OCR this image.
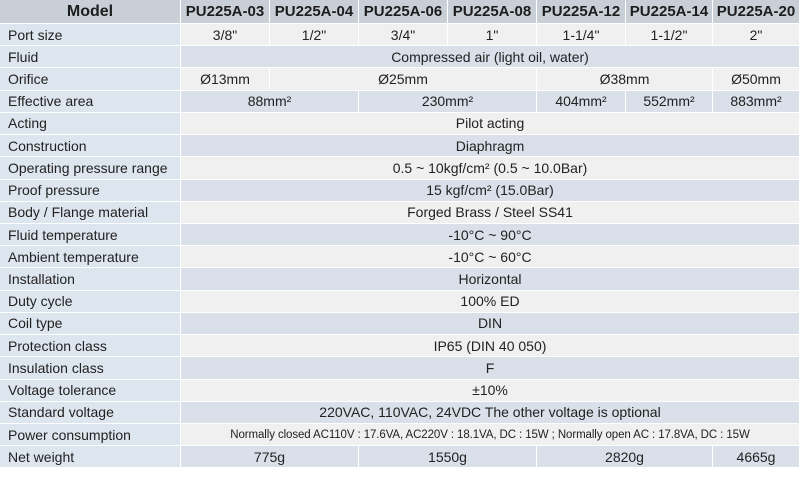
Model	PU225A-03	PU225A-04	PU225A-06	PU225A-08	PU225A-12	PU225A-14	PU225A-20
Port size	3/8"	1/2"	3/4"	1"	1-1/4"	1-1/2"	2"
Fluid	Compressed air (light oil, water)						
Orifice	Ø13mm	Ø25mm			Ø38mm		Ø50mm
Effective area	88mm²		230mm²		404mm²	552mm²	883mm²
Acting	Pilot acting						
Construction	Diaphragm						
Operating pressure range	0.5 ~ 10kgf/cm² (0.5 ~ 10.0Bar)						
Proof pressure	15 kgf/cm² (15.0Bar)						
Body / Flange material	Forged Brass / Steel SS41						
Fluid temperature	-10°C ~ 90°C						
Ambient temperature	-10°C ~ 60°C						
Installation	Horizontal						
Duty cycle	100% ED						
Coil type	DIN						
Protection class	IP65 (DIN 40 050)						
Insulation class	F						
Voltage tolerance	±10%						
Standard voltage	220VAC, 110VAC, 24VDC The other voltage is optional						
Power consumption	Normally closed AC110V : 17.6VA, AC220V : 18.1VA, DC : 15W ; Normally open AC : 17.8VA, DC : 15W						
Net weight	775g		1550g		2820g		4665g
